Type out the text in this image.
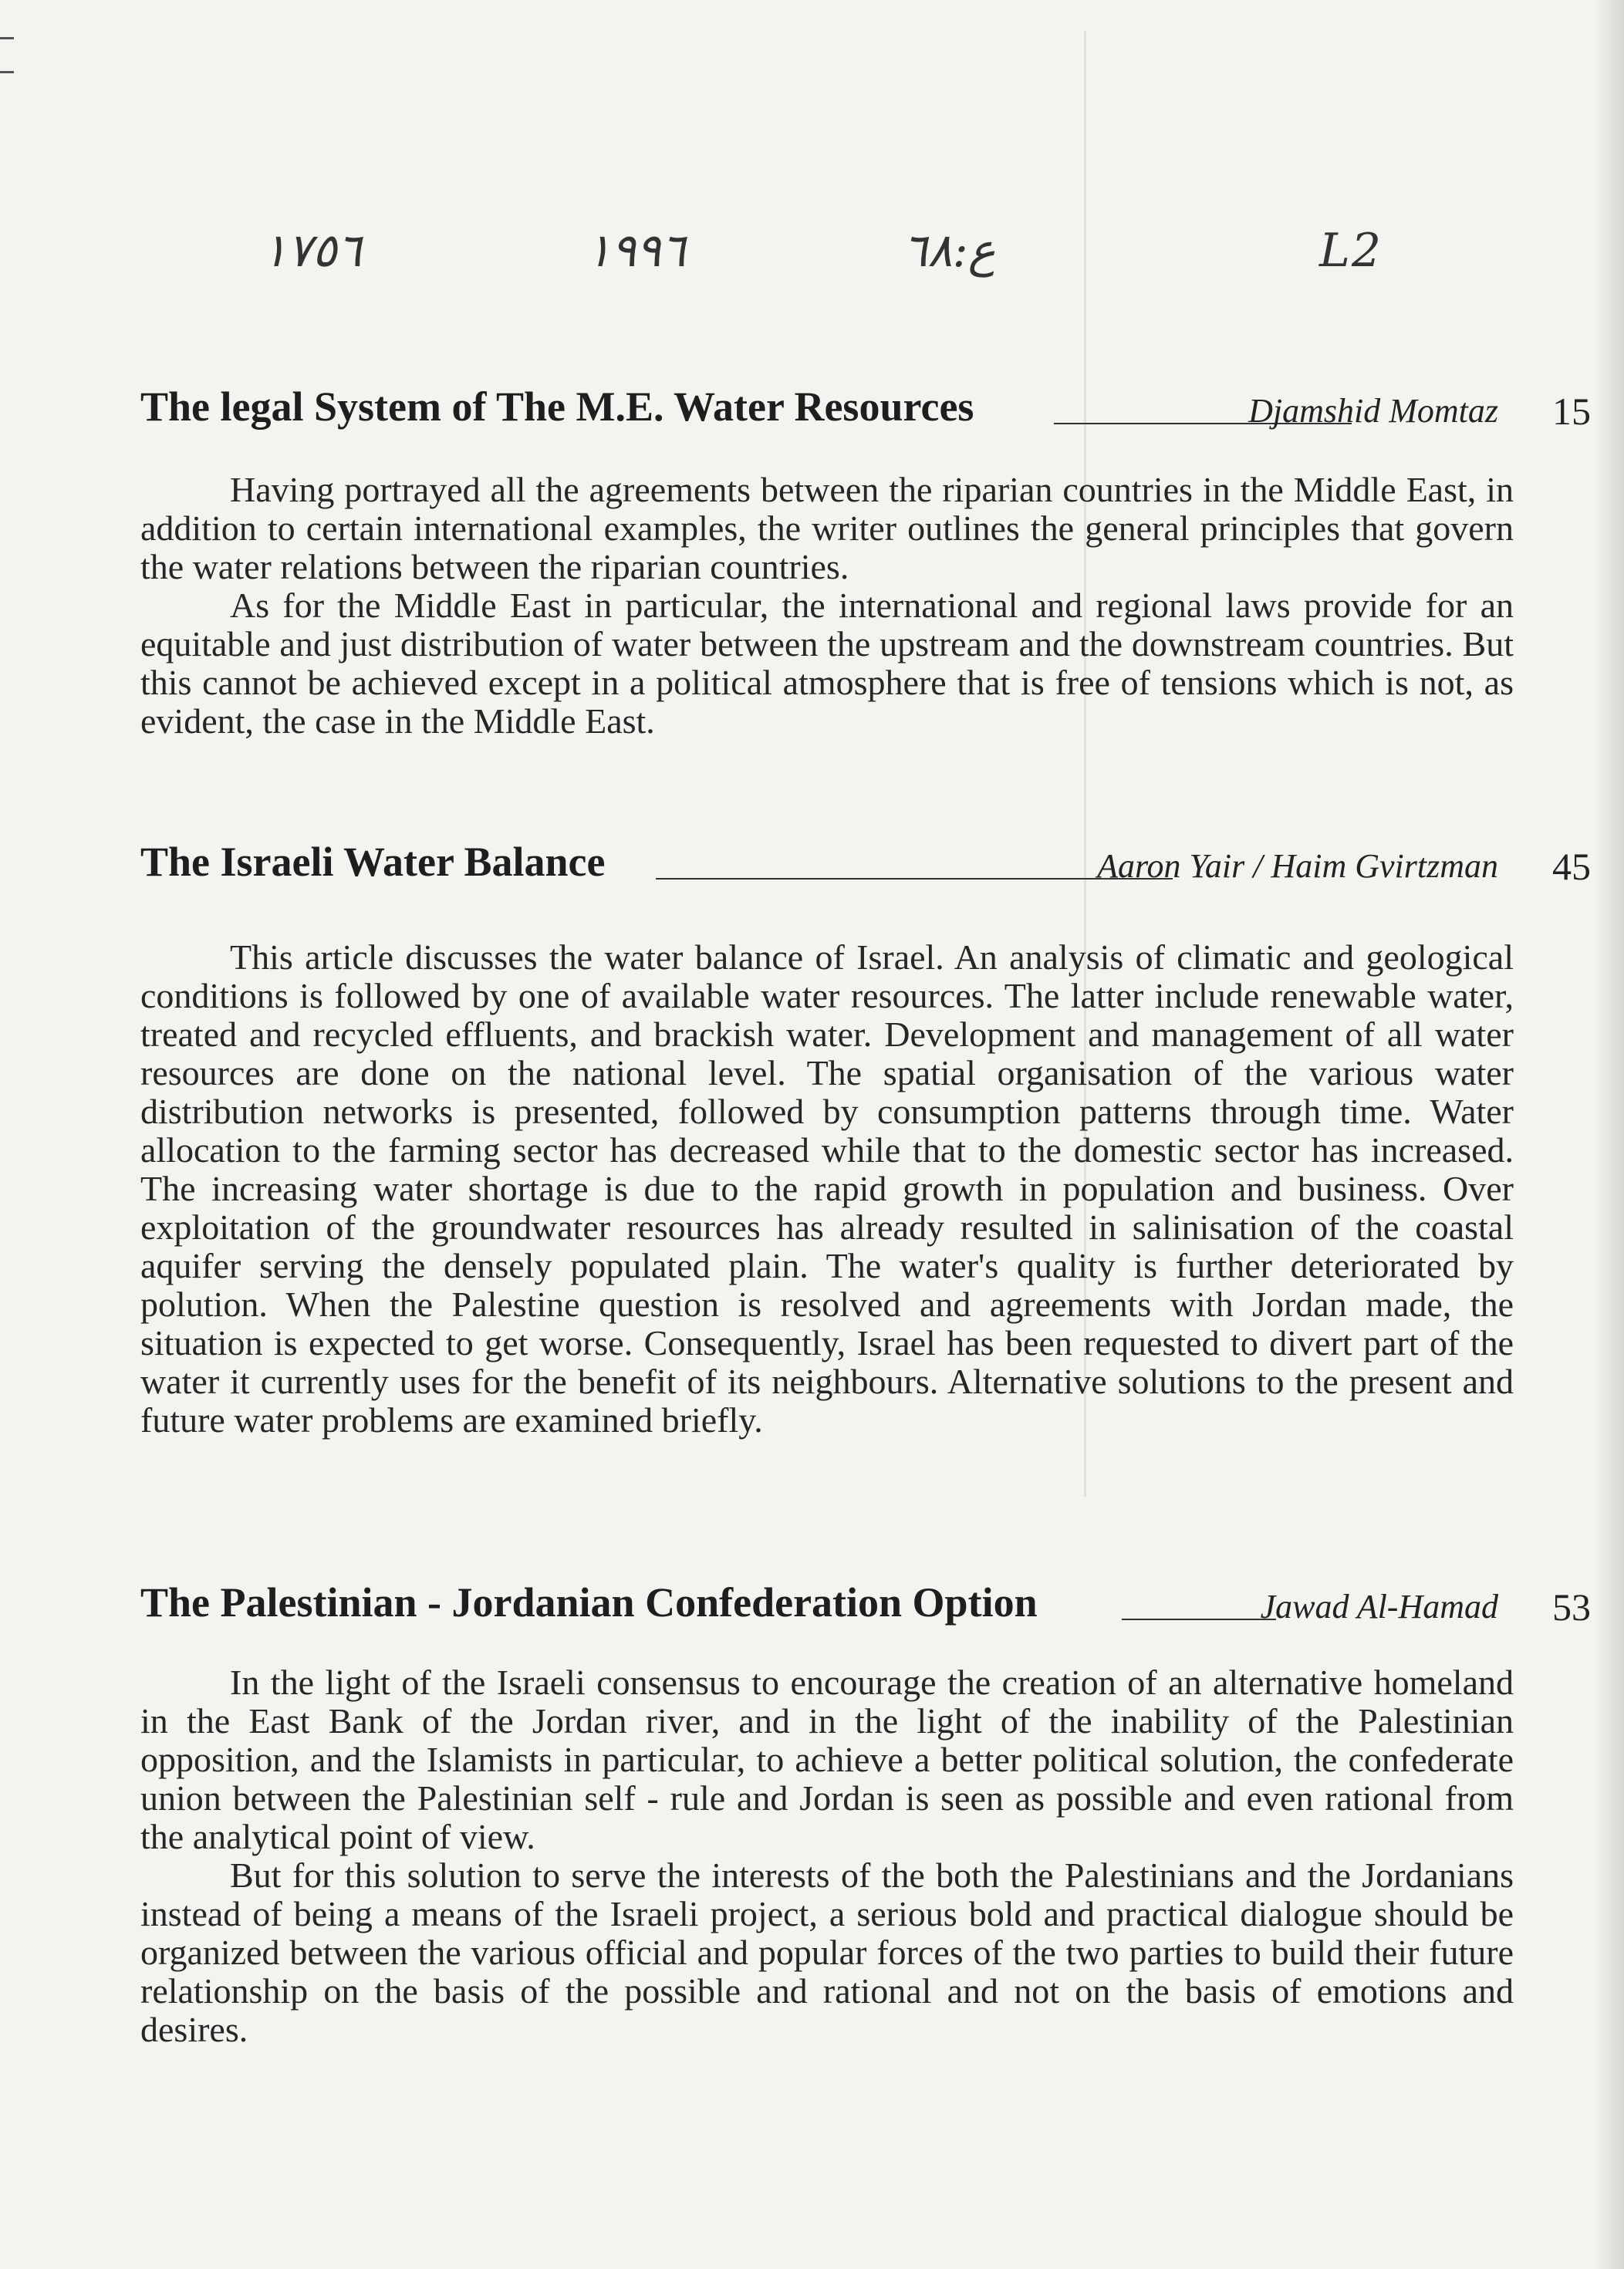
١٧٥٦	١٩٩٦	ع:٦٨	L2
The legal System of The M.E. Water Resources	Djamshid Momtaz 15

Having portrayed all the agreements between the riparian countries in the Middle East, in addition to certain international examples, the writer outlines the general principles that govern the water relations between the riparian countries.

As for the Middle East in particular, the international and regional laws provide for an equitable and just distribution of water between the upstream and the downstream countries. But this cannot be achieved except in a political atmosphere that is free of tensions which is not, as evident, the case in the Middle East.

The Israeli Water Balance	Aaron Yair / Haim Gvirtzman 45

This article discusses the water balance of Israel. An analysis of climatic and geological conditions is followed by one of available water resources. The latter include renewable water, treated and recycled effluents, and brackish water. Development and management of all water resources are done on the national level. The spatial organisation of the various water distribution networks is presented, followed by consumption patterns through time. Water allocation to the farming sector has decreased while that to the domestic sector has increased. The increasing water shortage is due to the rapid growth in population and business. Over exploitation of the groundwater resources has already resulted in salinisation of the coastal aquifer serving the densely populated plain. The water's quality is further deteriorated by polution. When the Palestine question is resolved and agreements with Jordan made, the situation is expected to get worse. Consequently, Israel has been requested to divert part of the water it currently uses for the benefit of its neighbours. Alternative solutions to the present and future water problems are examined briefly.

The Palestinian - Jordanian Confederation Option	Jawad Al-Hamad 53

In the light of the Israeli consensus to encourage the creation of an alternative homeland in the East Bank of the Jordan river, and in the light of the inability of the Palestinian opposition, and the Islamists in particular, to achieve a better political solution, the confederate union between the Palestinian self - rule and Jordan is seen as possible and even rational from the analytical point of view.

But for this solution to serve the interests of the both the Palestinians and the Jordanians instead of being a means of the Israeli project, a serious bold and practical dialogue should be organized between the various official and popular forces of the two parties to build their future relationship on the basis of the possible and rational and not on the basis of emotions and desires.
